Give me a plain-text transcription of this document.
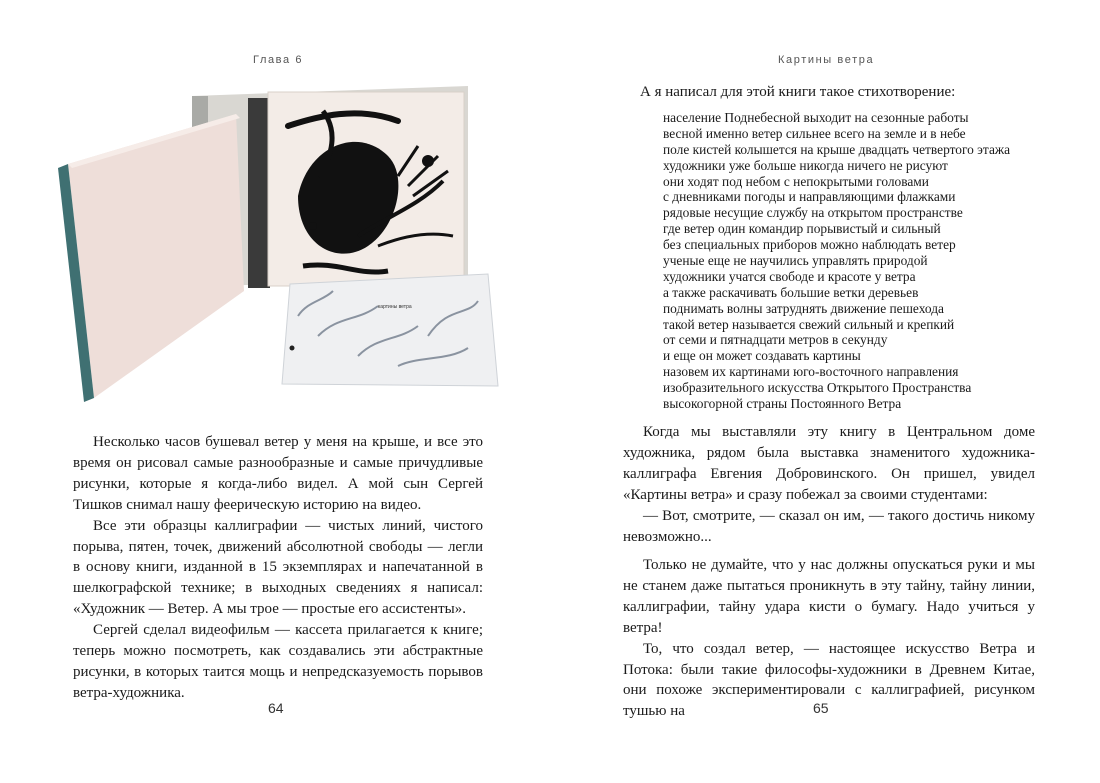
Глава 6
картины ветра

Несколько часов бушевал ветер у меня на крыше, и все это время он рисовал самые разнообразные и самые причудливые рисунки, которые я когда-либо видел. А мой сын Сергей Тишков снимал нашу феерическую историю на видео.

Все эти образцы каллиграфии — чистых линий, чистого порыва, пятен, точек, движений абсолютной свободы — легли в основу книги, изданной в 15 экземплярах и напечатанной в шелкографской технике; в выходных сведениях я написал: «Художник — Ветер. А мы трое — простые его ассистенты».

Сергей сделал видеофильм — кассета прилагается к книге; теперь можно посмотреть, как создавались эти абстрактные рисунки, в которых таится мощь и непредсказуемость порывов ветра-художника.

64
Картины ветра
А я написал для этой книги такое стихотворение:
население Поднебесной выходит на сезонные работы
весной именно ветер сильнее всего на земле и в небе
поле кистей колышется на крыше двадцать четвертого этажа
художники уже больше никогда ничего не рисуют
они ходят под небом с непокрытыми головами
с дневниками погоды и направляющими флажками
рядовые несущие службу на открытом пространстве
где ветер один командир порывистый и сильный
без специальных приборов можно наблюдать ветер
ученые еще не научились управлять природой
художники учатся свободе и красоте у ветра
а также раскачивать большие ветки деревьев
поднимать волны затруднять движение пешехода
такой ветер называется свежий сильный и крепкий
от семи и пятнадцати метров в секунду
и еще он может создавать картины
назовем их картинами юго-восточного направления
изобразительного искусства Открытого Пространства
высокогорной страны Постоянного Ветра

Когда мы выставляли эту книгу в Центральном доме художника, рядом была выставка знаменитого художника-каллиграфа Евгения Добровинского. Он пришел, увидел «Картины ветра» и сразу побежал за своими студентами:

— Вот, смотрите, — сказал он им, — такого достичь никому невозможно...

Только не думайте, что у нас должны опускаться руки и мы не станем даже пытаться проникнуть в эту тайну, тайну линии, каллиграфии, тайну удара кисти о бумагу. Надо учиться у ветра!

То, что создал ветер, — настоящее искусство Ветра и Потока: были такие философы-художники в Древнем Китае, они похоже экспериментировали с каллиграфией, рисунком тушью на	65
